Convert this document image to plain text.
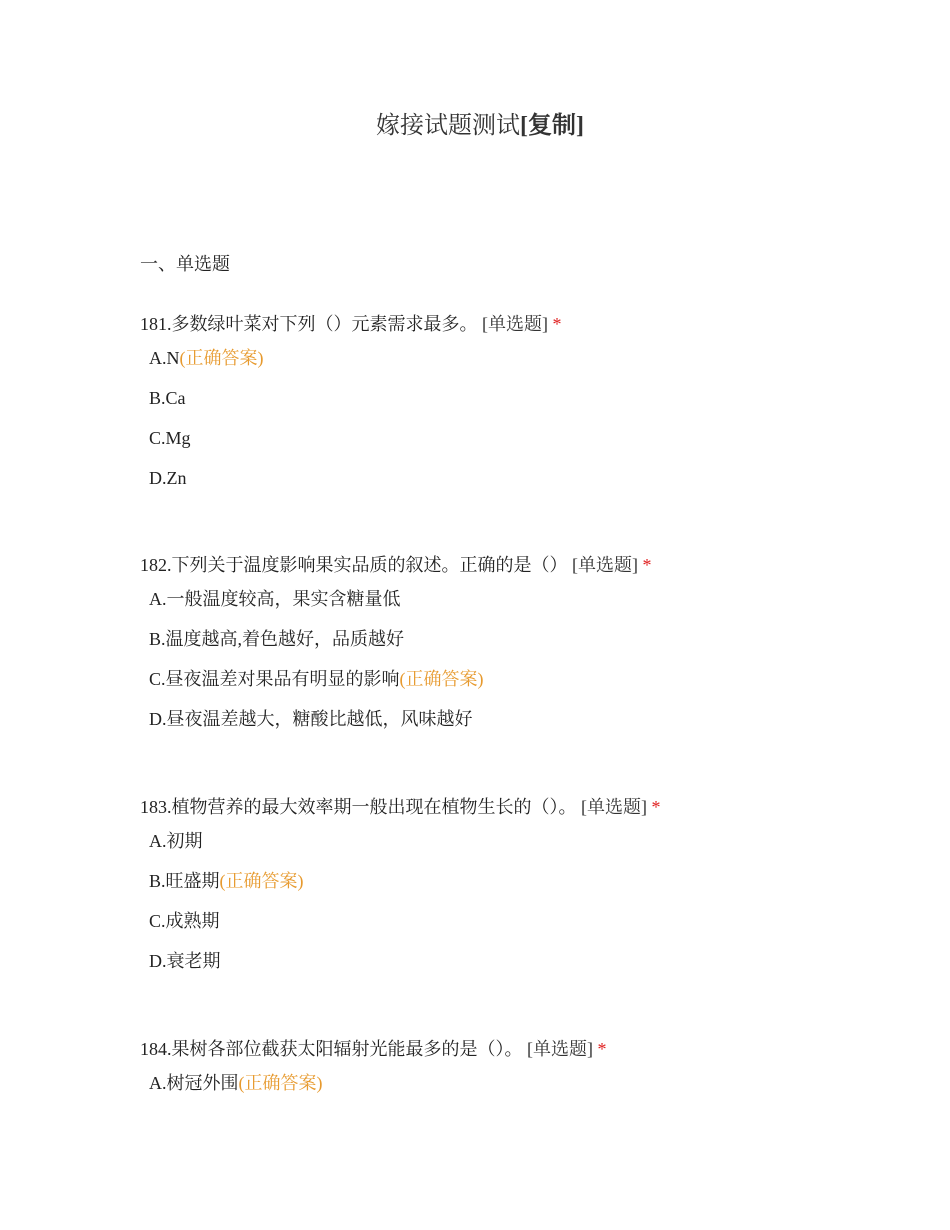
嫁接试题测试[复制]
一、单选题
181.多数绿叶菜对下列（）元素需求最多。 [单选题] *
A.N(正确答案)
B.Ca
C.Mg
D.Zn
182.下列关于温度影响果实品质的叙述。正确的是（） [单选题] *
A.一般温度较高，果实含糖量低
B.温度越高,着色越好，品质越好
C.昼夜温差对果品有明显的影响(正确答案)
D.昼夜温差越大，糖酸比越低，风味越好
183.植物营养的最大效率期一般出现在植物生长的（）。 [单选题] *
A.初期
B.旺盛期(正确答案)
C.成熟期
D.衰老期
184.果树各部位截获太阳辐射光能最多的是（）。 [单选题] *
A.树冠外围(正确答案)
